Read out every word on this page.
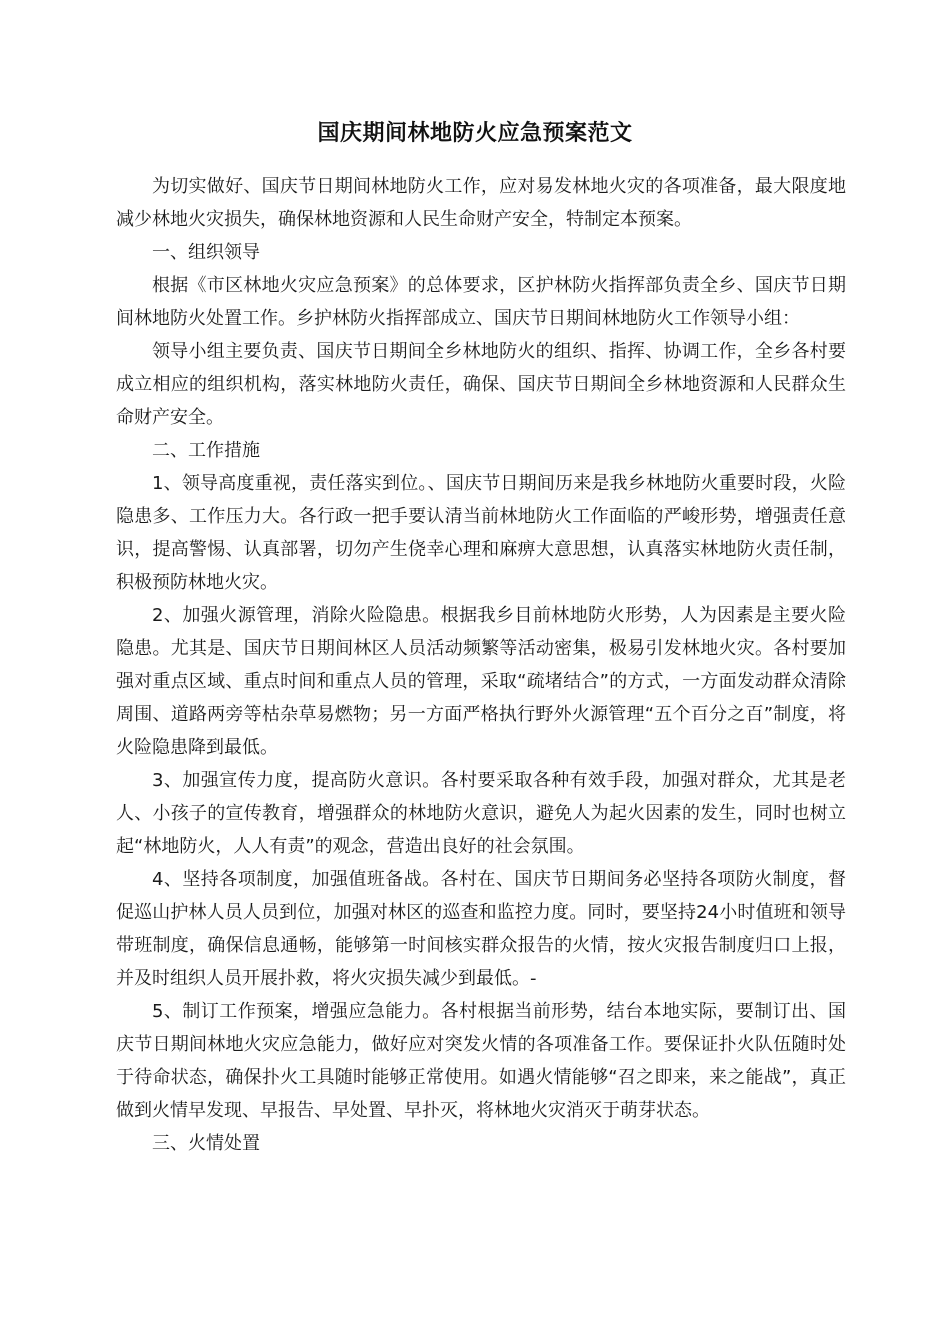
国庆期间林地防火应急预案范文

为切实做好、国庆节日期间林地防火工作，应对易发林地火灾的各项准备，最大限度地减少林地火灾损失，确保林地资源和人民生命财产安全，特制定本预案。

一、组织领导

根据《市区林地火灾应急预案》的总体要求，区护林防火指挥部负责全乡、国庆节日期间林地防火处置工作。乡护林防火指挥部成立、国庆节日期间林地防火工作领导小组：

领导小组主要负责、国庆节日期间全乡林地防火的组织、指挥、协调工作，全乡各村要成立相应的组织机构，落实林地防火责任，确保、国庆节日期间全乡林地资源和人民群众生命财产安全。

二、工作措施

1、领导高度重视，责任落实到位。、国庆节日期间历来是我乡林地防火重要时段，火险隐患多、工作压力大。各行政一把手要认清当前林地防火工作面临的严峻形势，增强责任意识，提高警惕、认真部署，切勿产生侥幸心理和麻痹大意思想，认真落实林地防火责任制，积极预防林地火灾。

2、加强火源管理，消除火险隐患。根据我乡目前林地防火形势，人为因素是主要火险隐患。尤其是、国庆节日期间林区人员活动频繁等活动密集，极易引发林地火灾。各村要加强对重点区域、重点时间和重点人员的管理，采取“疏堵结合”的方式，一方面发动群众清除周围、道路两旁等枯杂草易燃物；另一方面严格执行野外火源管理“五个百分之百”制度，将火险隐患降到最低。

3、加强宣传力度，提高防火意识。各村要采取各种有效手段，加强对群众，尤其是老人、小孩子的宣传教育，增强群众的林地防火意识，避免人为起火因素的发生，同时也树立起“林地防火，人人有责”的观念，营造出良好的社会氛围。

4、坚持各项制度，加强值班备战。各村在、国庆节日期间务必坚持各项防火制度，督促巡山护林人员人员到位，加强对林区的巡查和监控力度。同时，要坚持24小时值班和领导带班制度，确保信息通畅，能够第一时间核实群众报告的火情，按火灾报告制度归口上报，并及时组织人员开展扑救，将火灾损失减少到最低。-

5、制订工作预案，增强应急能力。各村根据当前形势，结台本地实际，要制订出、国庆节日期间林地火灾应急能力，做好应对突发火情的各项准备工作。要保证扑火队伍随时处于待命状态，确保扑火工具随时能够正常使用。如遇火情能够“召之即来，来之能战”，真正做到火情早发现、早报告、早处置、早扑灭，将林地火灾消灭于萌芽状态。

三、火情处置
